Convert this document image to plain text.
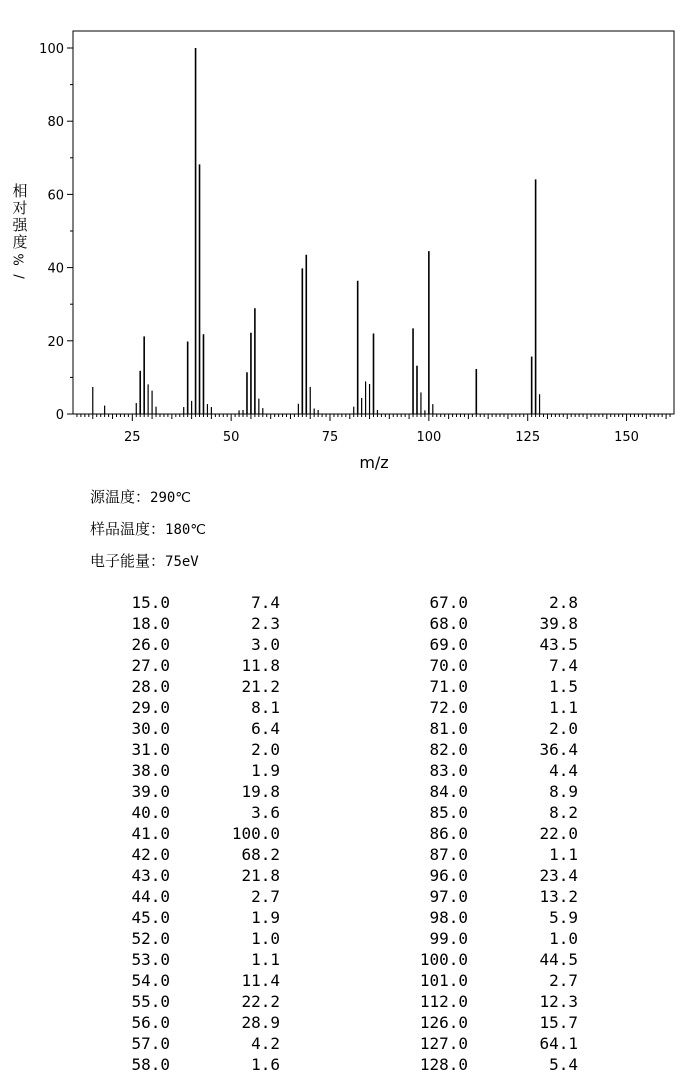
0
20
40
60
80
100
25	50	75	100	125	150
m/z
相
对
强
度
%
/
源温度：290℃
样品温度：180℃
电子能量：75eV
15.0	7.4
18.0	2.3
26.0	3.0
27.0	11.8
28.0	21.2
29.0	8.1
30.0	6.4
31.0	2.0
38.0	1.9
39.0	19.8
40.0	3.6
41.0	100.0
42.0	68.2
43.0	21.8
44.0	2.7
45.0	1.9
52.0	1.0
53.0	1.1
54.0	11.4
55.0	22.2
56.0	28.9
57.0	4.2
58.0	1.6
67.0	2.8
68.0	39.8
69.0	43.5
70.0	7.4
71.0	1.5
72.0	1.1
81.0	2.0
82.0	36.4
83.0	4.4
84.0	8.9
85.0	8.2
86.0	22.0
87.0	1.1
96.0	23.4
97.0	13.2
98.0	5.9
99.0	1.0
100.0	44.5
101.0	2.7
112.0	12.3
126.0	15.7
127.0	64.1
128.0	5.4
